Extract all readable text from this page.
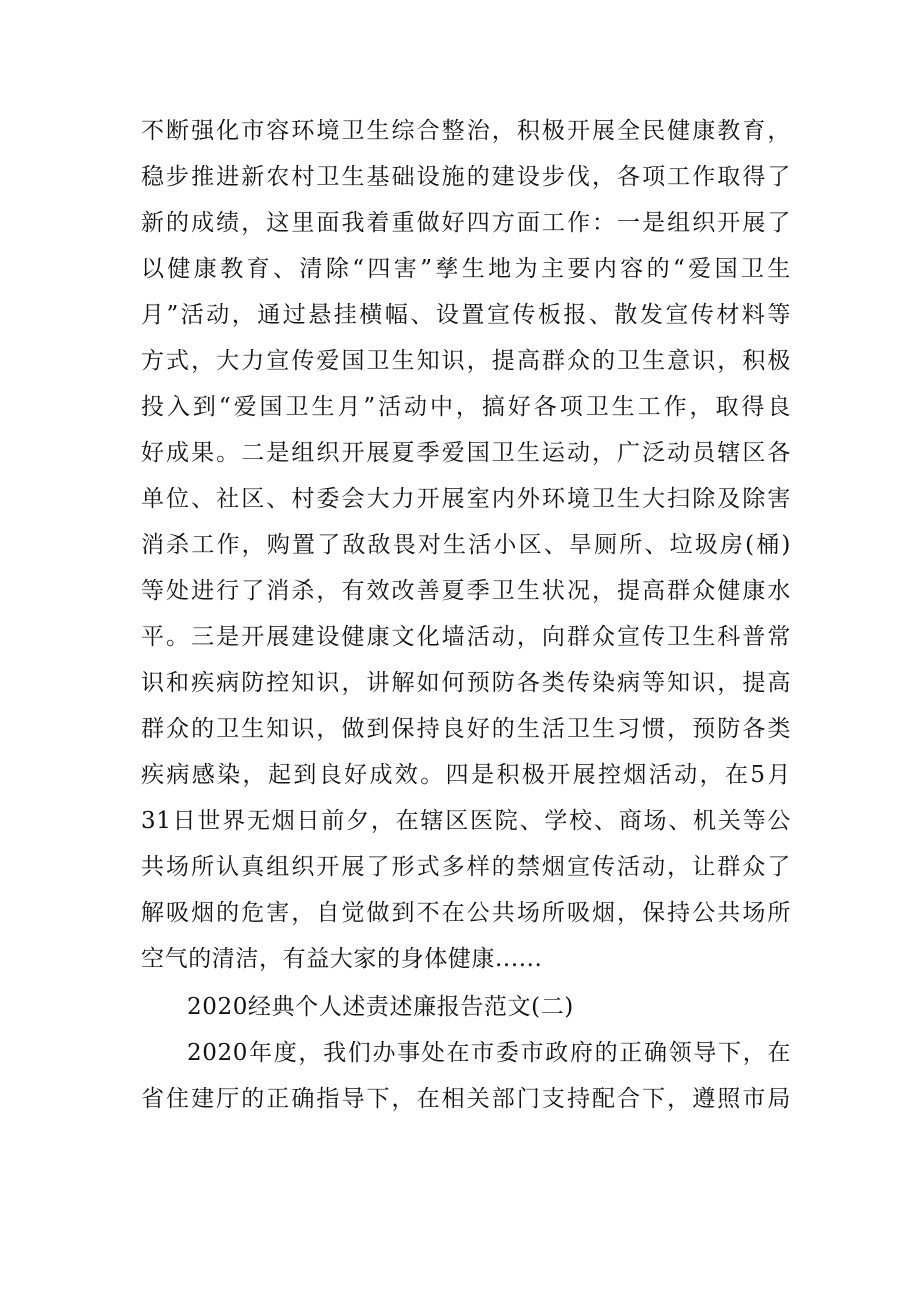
不断强化市容环境卫生综合整治，积极开展全民健康教育，
稳步推进新农村卫生基础设施的建设步伐，各项工作取得了
新的成绩，这里面我着重做好四方面工作：一是组织开展了
以健康教育、清除“四害”孳生地为主要内容的“爱国卫生
月”活动，通过悬挂横幅、设置宣传板报、散发宣传材料等
方式，大力宣传爱国卫生知识，提高群众的卫生意识，积极
投入到“爱国卫生月”活动中，搞好各项卫生工作，取得良
好成果。二是组织开展夏季爱国卫生运动，广泛动员辖区各
单位、社区、村委会大力开展室内外环境卫生大扫除及除害
消杀工作，购置了敌敌畏对生活小区、旱厕所、垃圾房(桶)
等处进行了消杀，有效改善夏季卫生状况，提高群众健康水
平。三是开展建设健康文化墙活动，向群众宣传卫生科普常
识和疾病防控知识，讲解如何预防各类传染病等知识，提高
群众的卫生知识，做到保持良好的生活卫生习惯，预防各类
疾病感染，起到良好成效。四是积极开展控烟活动，在5月
31日世界无烟日前夕，在辖区医院、学校、商场、机关等公
共场所认真组织开展了形式多样的禁烟宣传活动，让群众了
解吸烟的危害，自觉做到不在公共场所吸烟，保持公共场所
空气的清洁，有益大家的身体健康......
2020经典个人述责述廉报告范文(二)
2020年度，我们办事处在市委市政府的正确领导下，在
省住建厅的正确指导下，在相关部门支持配合下，遵照市局
